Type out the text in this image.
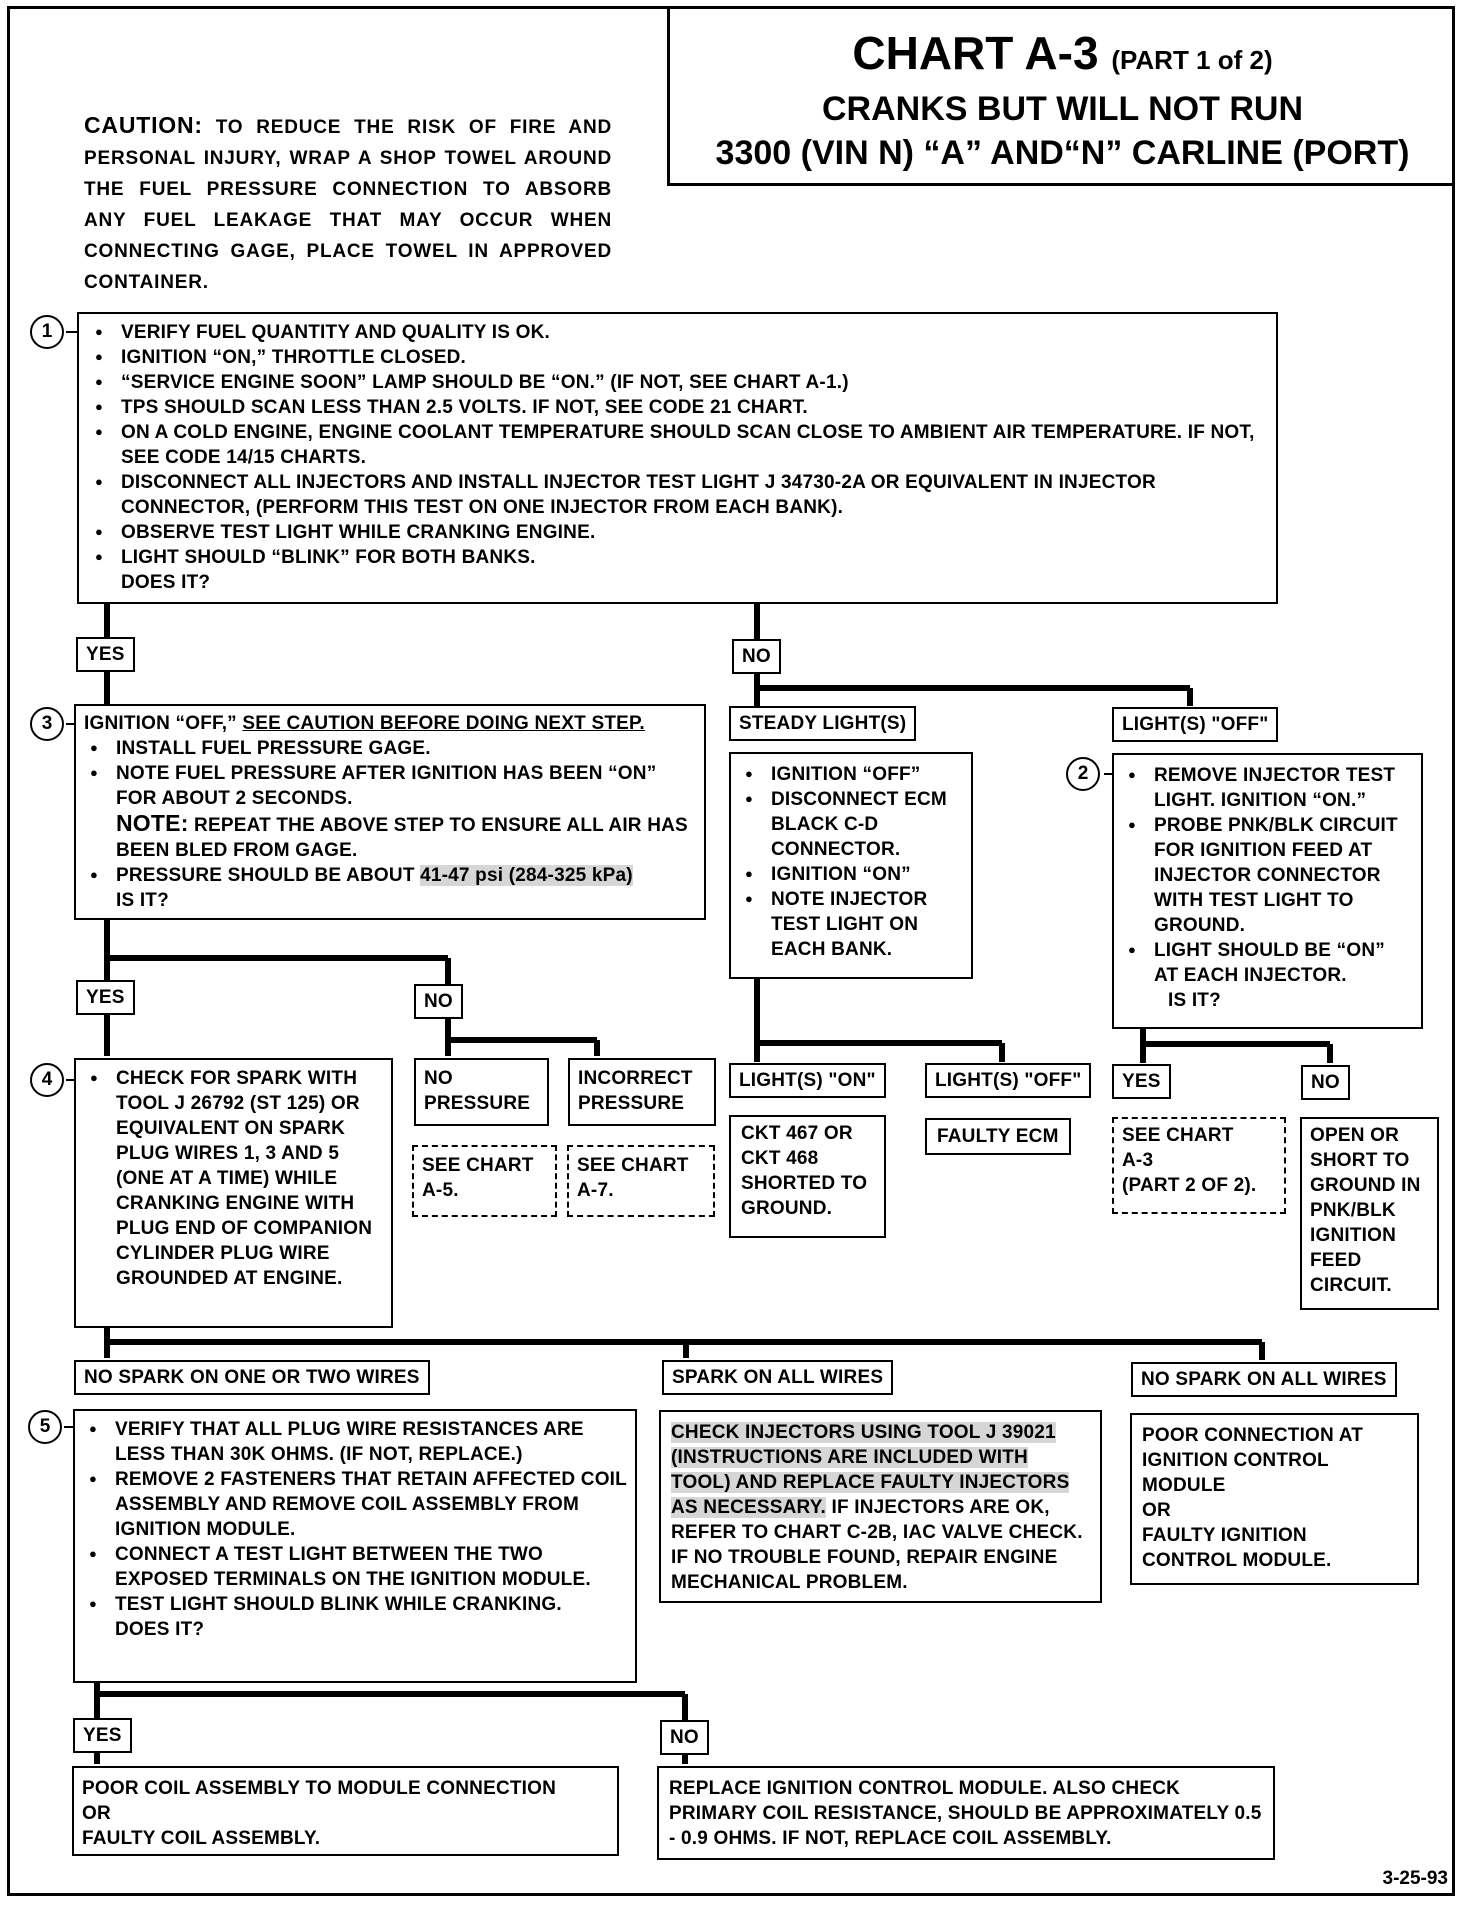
CHART A-3 (PART 1 of 2)
CRANKS BUT WILL NOT RUN
3300 (VIN N) “A” AND“N” CARLINE (PORT)
CAUTION: TO REDUCE THE RISK OF FIRE AND PERSONAL INJURY, WRAP A SHOP TOWEL AROUND THE FUEL PRESSURE CONNECTION TO ABSORB ANY FUEL LEAKAGE THAT MAY OCCUR WHEN CONNECTING GAGE, PLACE TOWEL IN APPROVED CONTAINER.
1	● VERIFY FUEL QUANTITY AND QUALITY IS OK.
● IGNITION “ON,” THROTTLE CLOSED.
● “SERVICE ENGINE SOON” LAMP SHOULD BE “ON.” (IF NOT, SEE CHART A-1.)
● TPS SHOULD SCAN LESS THAN 2.5 VOLTS. IF NOT, SEE CODE 21 CHART.
● ON A COLD ENGINE, ENGINE COOLANT TEMPERATURE SHOULD SCAN CLOSE TO AMBIENT AIR TEMPERATURE. IF NOT, SEE CODE 14/15 CHARTS.
● DISCONNECT ALL INJECTORS AND INSTALL INJECTOR TEST LIGHT J 34730-2A OR EQUIVALENT IN INJECTOR CONNECTOR, (PERFORM THIS TEST ON ONE INJECTOR FROM EACH BANK).
● OBSERVE TEST LIGHT WHILE CRANKING ENGINE.
● LIGHT SHOULD “BLINK” FOR BOTH BANKS.
DOES IT?
YES	NO
3	IGNITION “OFF,” SEE CAUTION BEFORE DOING NEXT STEP.
● INSTALL FUEL PRESSURE GAGE.
● NOTE FUEL PRESSURE AFTER IGNITION HAS BEEN “ON” FOR ABOUT 2 SECONDS.
NOTE: REPEAT THE ABOVE STEP TO ENSURE ALL AIR HAS BEEN BLED FROM GAGE.
● PRESSURE SHOULD BE ABOUT 41-47 psi (284-325 kPa)
IS IT?
STEADY LIGHT(S)	LIGHT(S) "OFF"
● IGNITION “OFF”
● DISCONNECT ECM BLACK C-D CONNECTOR.
● IGNITION “ON”
● NOTE INJECTOR TEST LIGHT ON EACH BANK.
2	● REMOVE INJECTOR TEST LIGHT. IGNITION “ON.”
● PROBE PNK/BLK CIRCUIT FOR IGNITION FEED AT INJECTOR CONNECTOR WITH TEST LIGHT TO GROUND.
● LIGHT SHOULD BE “ON” AT EACH INJECTOR.
IS IT?
YES	NO
4	● CHECK FOR SPARK WITH TOOL J 26792 (ST 125) OR EQUIVALENT ON SPARK PLUG WIRES 1, 3 AND 5 (ONE AT A TIME) WHILE CRANKING ENGINE WITH PLUG END OF COMPANION CYLINDER PLUG WIRE GROUNDED AT ENGINE.
NO
PRESSURE
INCORRECT
PRESSURE
SEE CHART
A-5.
SEE CHART
A-7.
LIGHT(S) "ON"	LIGHT(S) "OFF"
CKT 467 OR
CKT 468
SHORTED TO
GROUND.
FAULTY ECM
YES	NO
SEE CHART
A-3
(PART 2 OF 2).
OPEN OR
SHORT TO
GROUND IN
PNK/BLK
IGNITION
FEED
CIRCUIT.
NO SPARK ON ONE OR TWO WIRES	SPARK ON ALL WIRES	NO SPARK ON ALL WIRES
5	● VERIFY THAT ALL PLUG WIRE RESISTANCES ARE LESS THAN 30K OHMS. (IF NOT, REPLACE.)
● REMOVE 2 FASTENERS THAT RETAIN AFFECTED COIL ASSEMBLY AND REMOVE COIL ASSEMBLY FROM IGNITION MODULE.
● CONNECT A TEST LIGHT BETWEEN THE TWO EXPOSED TERMINALS ON THE IGNITION MODULE.
● TEST LIGHT SHOULD BLINK WHILE CRANKING.
DOES IT?
CHECK INJECTORS USING TOOL J 39021 (INSTRUCTIONS ARE INCLUDED WITH TOOL) AND REPLACE FAULTY INJECTORS AS NECESSARY. IF INJECTORS ARE OK, REFER TO CHART C-2B, IAC VALVE CHECK. IF NO TROUBLE FOUND, REPAIR ENGINE MECHANICAL PROBLEM.
POOR CONNECTION AT
IGNITION CONTROL
MODULE
OR
FAULTY IGNITION
CONTROL MODULE.
YES	NO
POOR COIL ASSEMBLY TO MODULE CONNECTION
OR
FAULTY COIL ASSEMBLY.
REPLACE IGNITION CONTROL MODULE. ALSO CHECK PRIMARY COIL RESISTANCE, SHOULD BE APPROXIMATELY 0.5 - 0.9 OHMS. IF NOT, REPLACE COIL ASSEMBLY.
3-25-93
